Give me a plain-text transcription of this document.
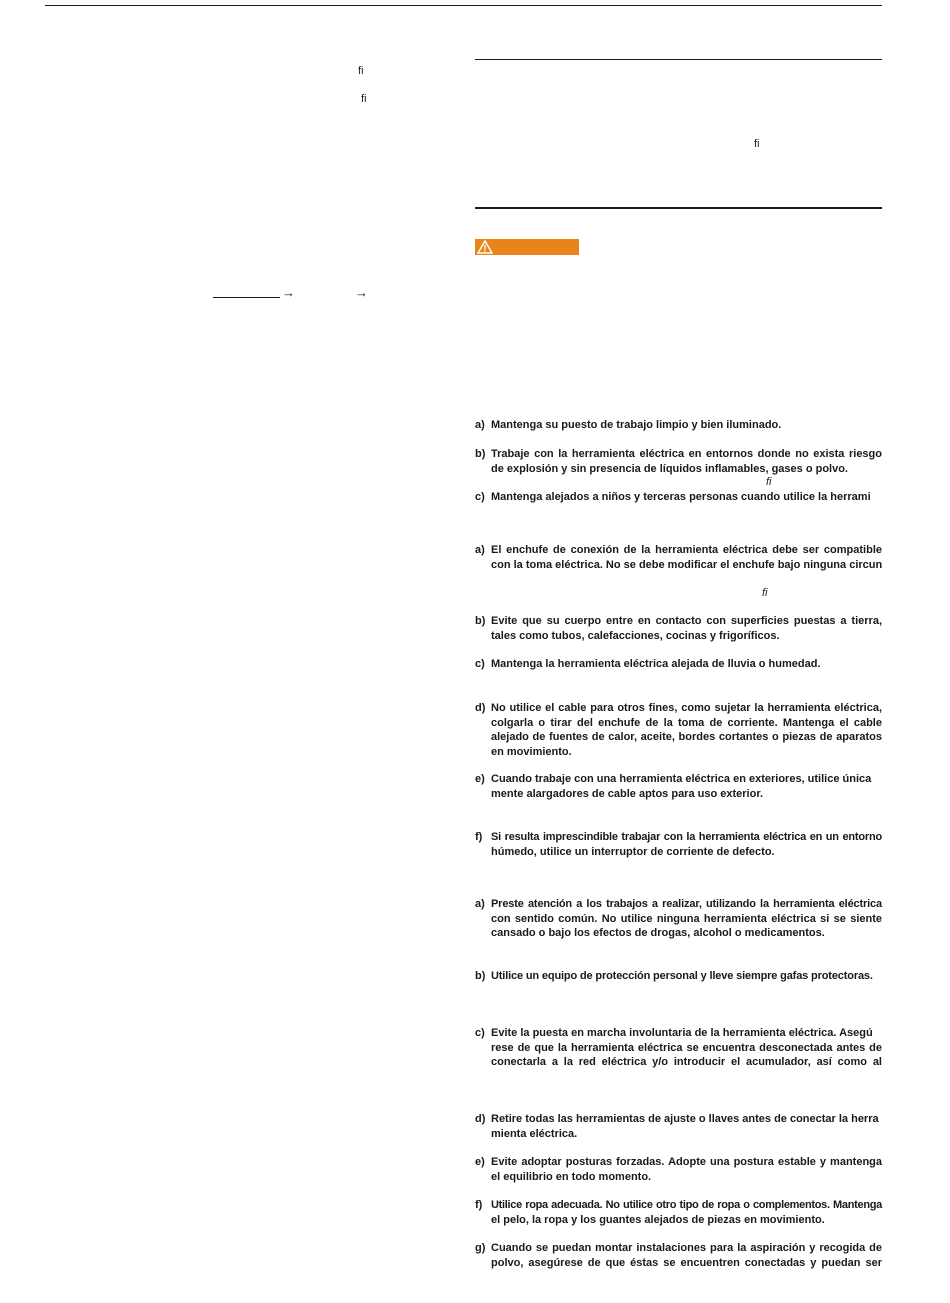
ﬁ
ﬁ
→	→
ﬁ
ﬁ
ﬁ
a) Mantenga su puesto de trabajo limpio y bien iluminado.
b) Trabaje con la herramienta eléctrica en entornos donde no exista riesgo
de explosión y sin presencia de líquidos inflamables, gases o polvo.
c) Mantenga alejados a niños y terceras personas cuando utilice la herrami
a) El enchufe de conexión de la herramienta eléctrica debe ser compatible
con la toma eléctrica. No se debe modificar el enchufe bajo ninguna circun
b) Evite que su cuerpo entre en contacto con superficies puestas a tierra,
tales como tubos, calefacciones, cocinas y frigoríficos.
c) Mantenga la herramienta eléctrica alejada de lluvia o humedad.
d) No utilice el cable para otros fines, como sujetar la herramienta eléctrica,
colgarla o tirar del enchufe de la toma de corriente. Mantenga el cable
alejado de fuentes de calor, aceite, bordes cortantes o piezas de aparatos
en movimiento.
e) Cuando trabaje con una herramienta eléctrica en exteriores, utilice única
mente alargadores de cable aptos para uso exterior.
f) Si resulta imprescindible trabajar con la herramienta eléctrica en un entorno
húmedo, utilice un interruptor de corriente de defecto.
a) Preste atención a los trabajos a realizar, utilizando la herramienta eléctrica
con sentido común. No utilice ninguna herramienta eléctrica si se siente
cansado o bajo los efectos de drogas, alcohol o medicamentos.
b) Utilice un equipo de protección personal y lleve siempre gafas protectoras.
c) Evite la puesta en marcha involuntaria de la herramienta eléctrica. Asegú
rese de que la herramienta eléctrica se encuentra desconectada antes de
conectarla a la red eléctrica y/o introducir el acumulador, así como al
d) Retire todas las herramientas de ajuste o llaves antes de conectar la herra
mienta eléctrica.
e) Evite adoptar posturas forzadas. Adopte una postura estable y mantenga
el equilibrio en todo momento.
f) Utilice ropa adecuada. No utilice otro tipo de ropa o complementos. Mantenga
el pelo, la ropa y los guantes alejados de piezas en movimiento.
g) Cuando se puedan montar instalaciones para la aspiración y recogida de
polvo, asegúrese de que éstas se encuentren conectadas y puedan ser
